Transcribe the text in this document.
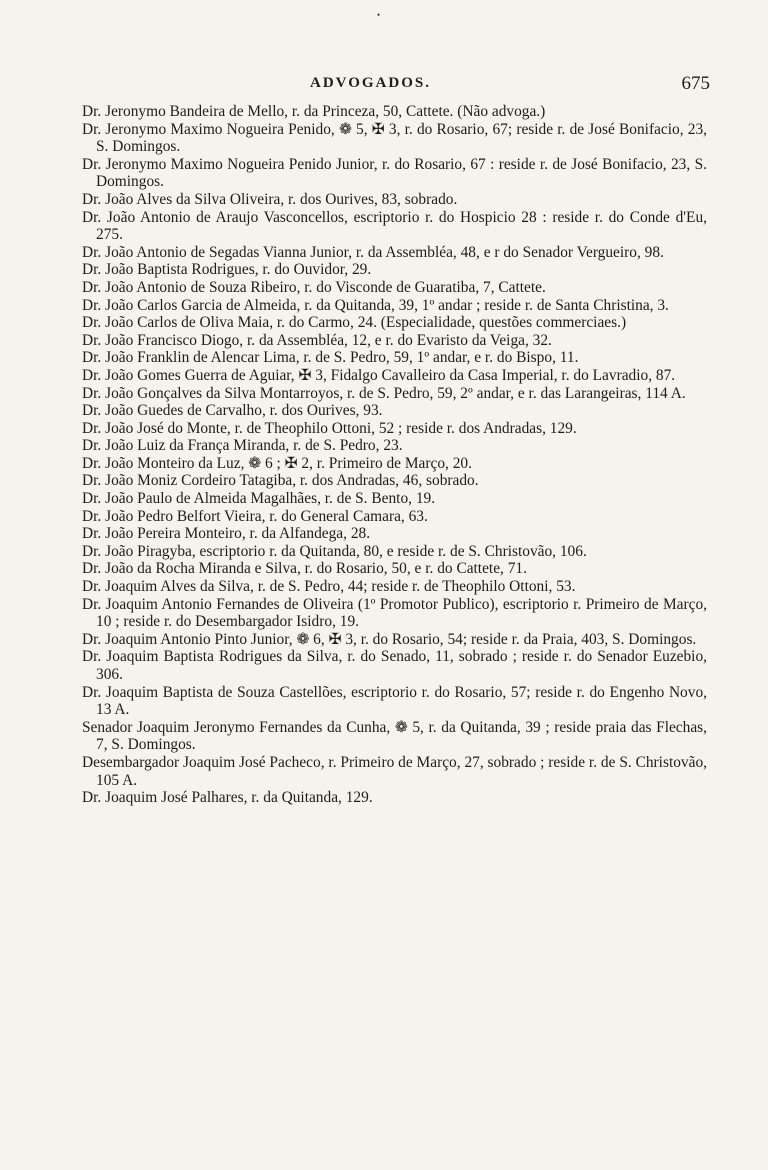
•
ADVOGADOS.	675

Dr. Jeronymo Bandeira de Mello, r. da Princeza, 50, Cattete. (Não advoga.)

Dr. Jeronymo Maximo Nogueira Penido, ❁ 5, ✠ 3, r. do Rosario, 67; reside r. de José Bonifacio, 23, S. Domingos.

Dr. Jeronymo Maximo Nogueira Penido Junior, r. do Rosario, 67 : reside r. de José Bonifacio, 23, S. Domingos.

Dr. João Alves da Silva Oliveira, r. dos Ourives, 83, sobrado.

Dr. João Antonio de Araujo Vasconcellos, escriptorio r. do Hospicio 28 : reside r. do Conde d'Eu, 275.

Dr. João Antonio de Segadas Vianna Junior, r. da Assembléa, 48, e r do Senador Vergueiro, 98.

Dr. João Baptista Rodrigues, r. do Ouvidor, 29.

Dr. João Antonio de Souza Ribeiro, r. do Visconde de Guaratiba, 7, Cattete.

Dr. João Carlos Garcia de Almeida, r. da Quitanda, 39, 1º andar ; reside r. de Santa Christina, 3.

Dr. João Carlos de Oliva Maia, r. do Carmo, 24. (Especialidade, questões commerciaes.)

Dr. João Francisco Diogo, r. da Assembléa, 12, e r. do Evaristo da Veiga, 32.

Dr. João Franklin de Alencar Lima, r. de S. Pedro, 59, 1º andar, e r. do Bispo, 11.

Dr. João Gomes Guerra de Aguiar, ✠ 3, Fidalgo Cavalleiro da Casa Imperial, r. do Lavradio, 87.

Dr. João Gonçalves da Silva Montarroyos, r. de S. Pedro, 59, 2º andar, e r. das Larangeiras, 114 A.

Dr. João Guedes de Carvalho, r. dos Ourives, 93.

Dr. João José do Monte, r. de Theophilo Ottoni, 52 ; reside r. dos Andradas, 129.

Dr. João Luiz da França Miranda, r. de S. Pedro, 23.

Dr. João Monteiro da Luz, ❁ 6 ; ✠ 2, r. Primeiro de Março, 20.

Dr. João Moniz Cordeiro Tatagiba, r. dos Andradas, 46, sobrado.

Dr. João Paulo de Almeida Magalhães, r. de S. Bento, 19.

Dr. João Pedro Belfort Vieira, r. do General Camara, 63.

Dr. João Pereira Monteiro, r. da Alfandega, 28.

Dr. João Piragyba, escriptorio r. da Quitanda, 80, e reside r. de S. Christovão, 106.

Dr. João da Rocha Miranda e Silva, r. do Rosario, 50, e r. do Cattete, 71.

Dr. Joaquim Alves da Silva, r. de S. Pedro, 44; reside r. de Theophilo Ottoni, 53.

Dr. Joaquim Antonio Fernandes de Oliveira (1º Promotor Publico), escriptorio r. Primeiro de Março, 10 ; reside r. do Desembargador Isidro, 19.

Dr. Joaquim Antonio Pinto Junior, ❁ 6, ✠ 3, r. do Rosario, 54; reside r. da Praia, 403, S. Domingos.

Dr. Joaquim Baptista Rodrigues da Silva, r. do Senado, 11, sobrado ; reside r. do Senador Euzebio, 306.

Dr. Joaquim Baptista de Souza Castellões, escriptorio r. do Rosario, 57; reside r. do Engenho Novo, 13 A.

Senador Joaquim Jeronymo Fernandes da Cunha, ❁ 5, r. da Quitanda, 39 ; reside praia das Flechas, 7, S. Domingos.

Desembargador Joaquim José Pacheco, r. Primeiro de Março, 27, sobrado ; reside r. de S. Christovão, 105 A.

Dr. Joaquim José Palhares, r. da Quitanda, 129.
